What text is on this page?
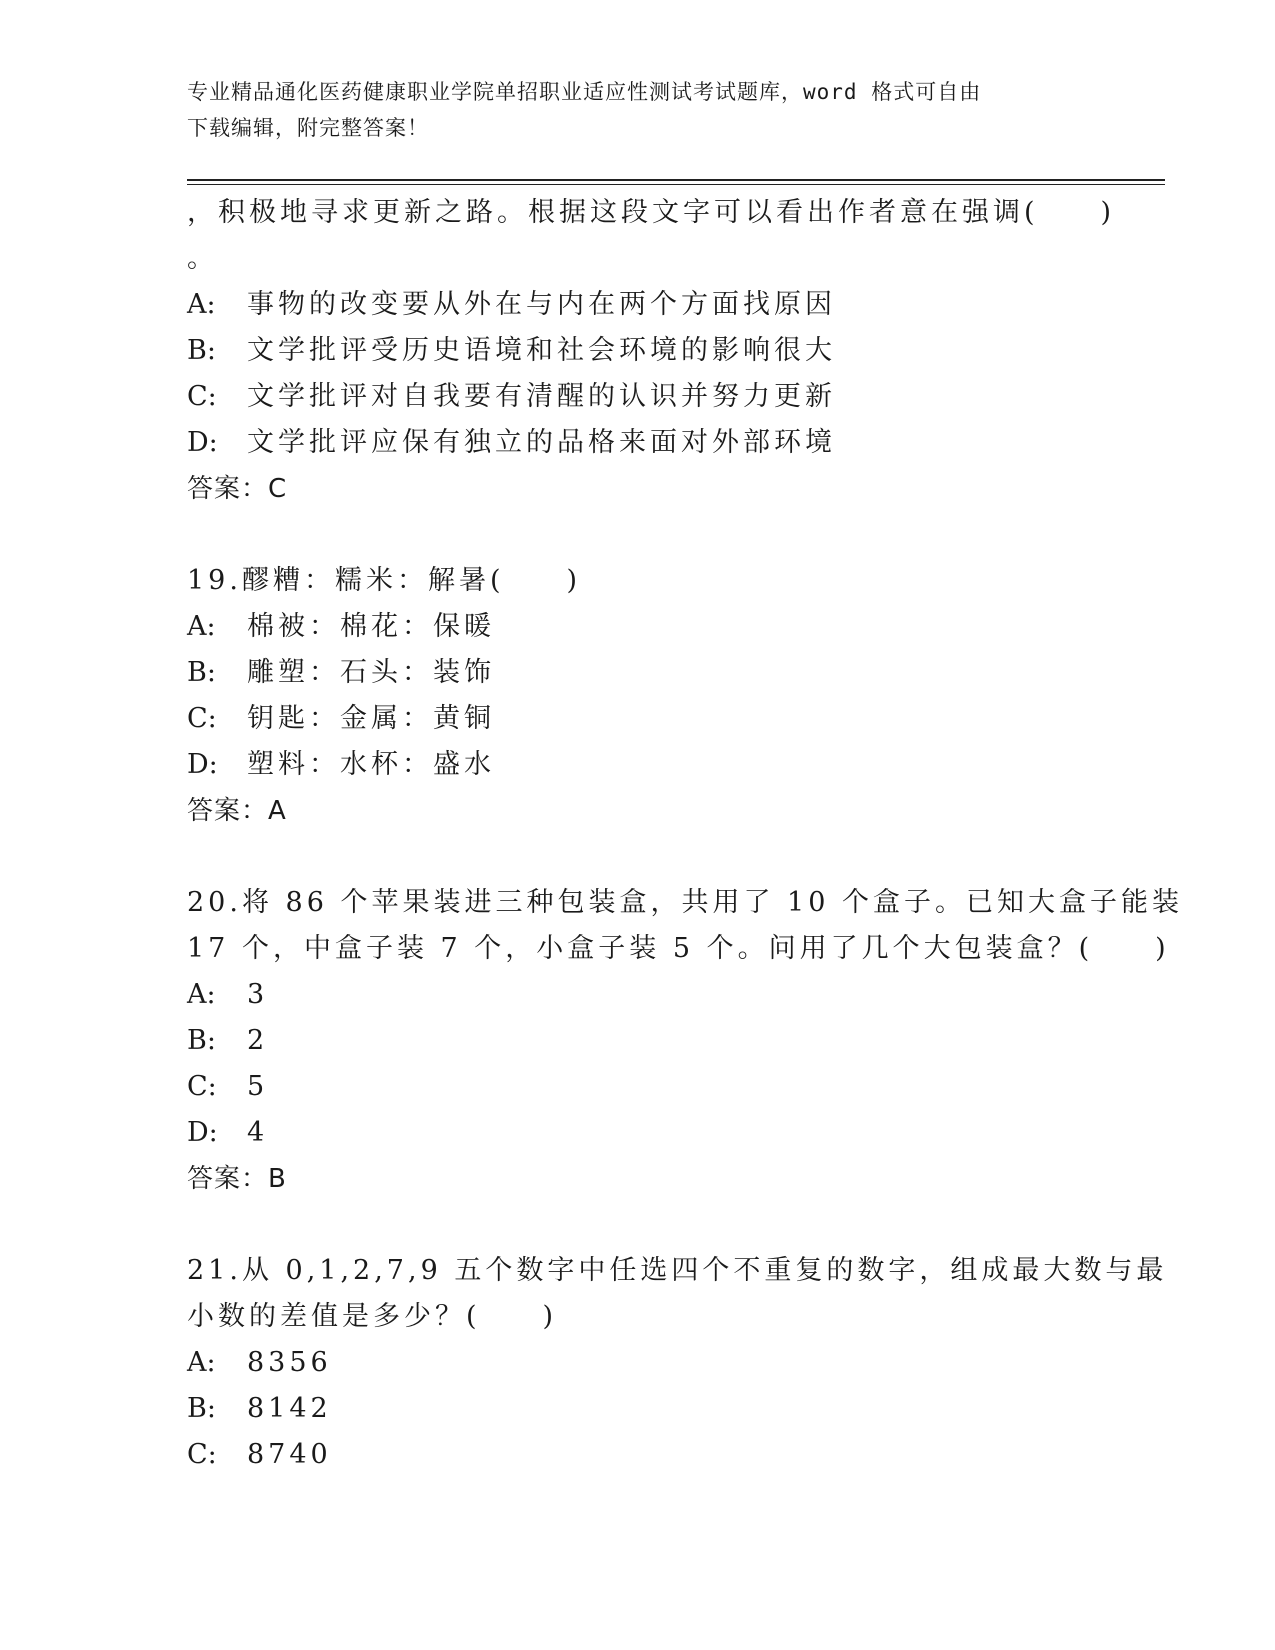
专业精品通化医药健康职业学院单招职业适应性测试考试题库，word 格式可自由
下载编辑，附完整答案！
，积极地寻求更新之路。根据这段文字可以看出作者意在强调(　　)
。
A: 事物的改变要从外在与内在两个方面找原因
B: 文学批评受历史语境和社会环境的影响很大
C: 文学批评对自我要有清醒的认识并努力更新
D: 文学批评应保有独立的品格来面对外部环境
答案：C
19.醪糟：糯米：解暑(　　)
A: 棉被：棉花：保暖
B: 雕塑：石头：装饰
C: 钥匙：金属：黄铜
D: 塑料：水杯：盛水
答案：A
20.将 86 个苹果装进三种包装盒，共用了 10 个盒子。已知大盒子能装
17 个，中盒子装 7 个，小盒子装 5 个。问用了几个大包装盒？(　　)
A: 3
B: 2
C: 5
D: 4
答案：B
21.从 0,1,2,7,9 五个数字中任选四个不重复的数字，组成最大数与最
小数的差值是多少？(　　)
A: 8356
B: 8142
C: 8740
